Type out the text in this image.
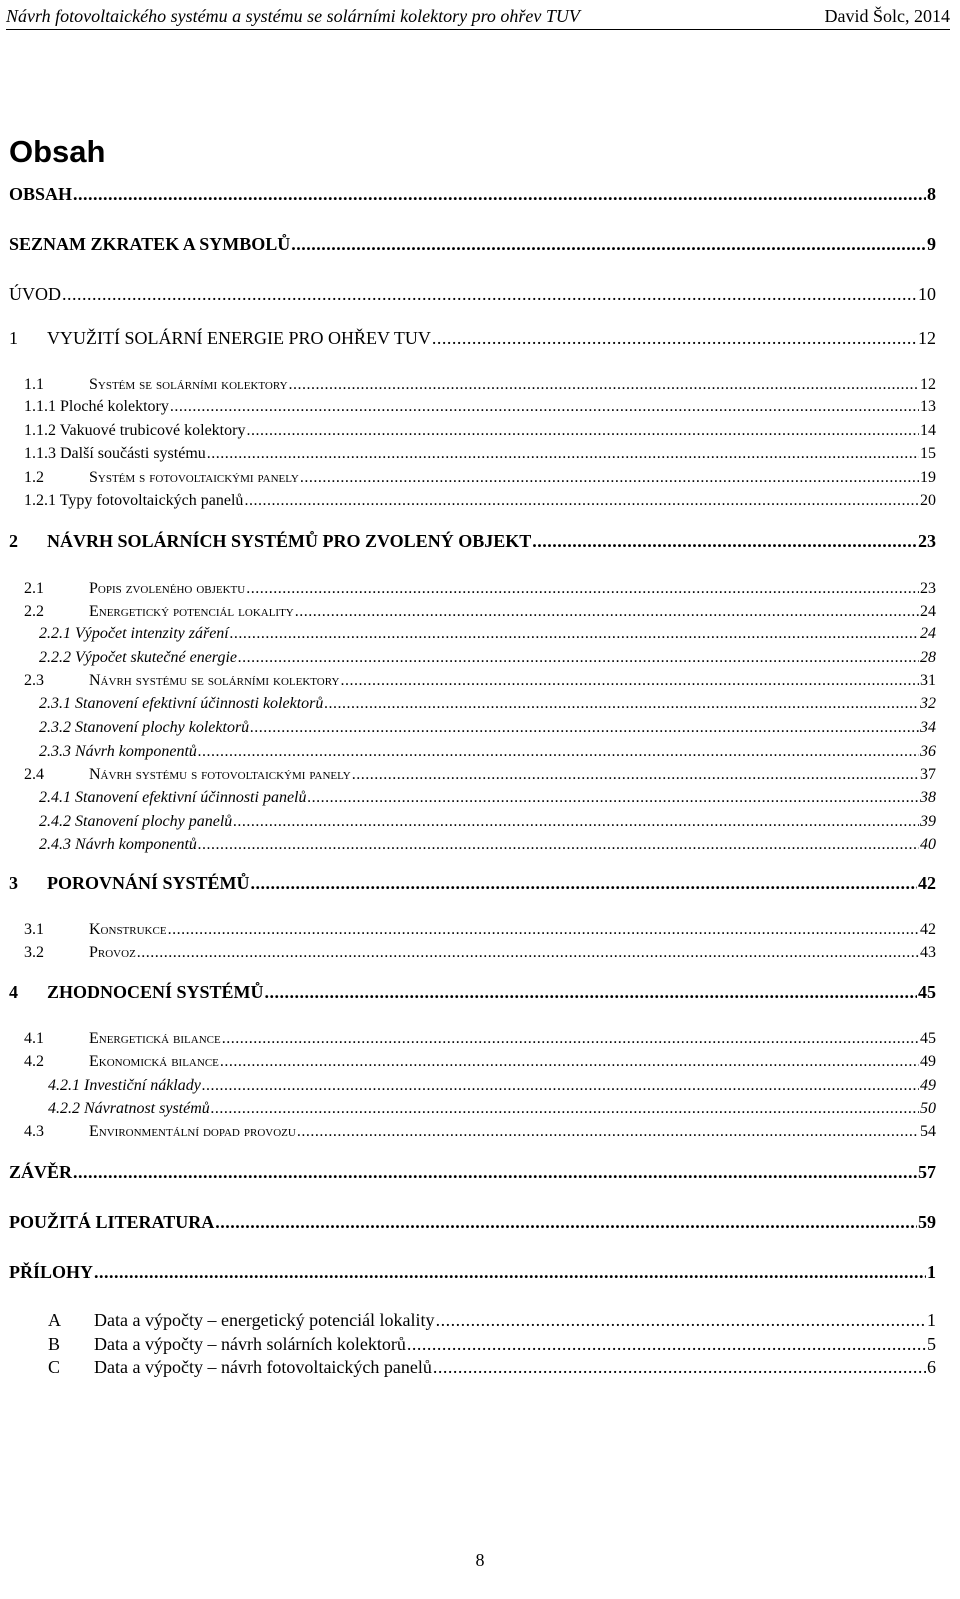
Návrh fotovoltaického systému a systému se solárními kolektory pro ohřev TUV	David Šolc, 2014
Obsah
OBSAH .....	8
SEZNAM ZKRATEK A SYMBOLŮ .....	9
ÚVOD .....	10
1 VYUŽITÍ SOLÁRNÍ ENERGIE PRO OHŘEV TUV .....	12
1.1	Systém se solárními kolektory .....	12
1.1.1 Ploché kolektory .....	13
1.1.2 Vakuové trubicové kolektory .....	14
1.1.3 Další součásti systému .....	15
1.2	Systém s fotovoltaickými panely .....	19
1.2.1 Typy fotovoltaických panelů .....	20
2 NÁVRH SOLÁRNÍCH SYSTÉMŮ PRO ZVOLENÝ OBJEKT .....	23
2.1	Popis zvoleného objektu .....	23
2.2	Energetický potenciál lokality .....	24
2.2.1 Výpočet intenzity záření .....	24
2.2.2 Výpočet skutečné energie .....	28
2.3	Návrh systému se solárními kolektory .....	31
2.3.1 Stanovení efektivní účinnosti kolektorů .....	32
2.3.2 Stanovení plochy kolektorů .....	34
2.3.3 Návrh komponentů .....	36
2.4	Návrh systému s fotovoltaickými panely .....	37
2.4.1 Stanovení efektivní účinnosti panelů .....	38
2.4.2 Stanovení plochy panelů .....	39
2.4.3 Návrh komponentů .....	40
3 POROVNÁNÍ SYSTÉMŮ .....	42
3.1	Konstrukce .....	42
3.2	Provoz .....	43
4 ZHODNOCENÍ SYSTÉMŮ .....	45
4.1	Energetická bilance .....	45
4.2	Ekonomická bilance .....	49
4.2.1 Investiční náklady .....	49
4.2.2 Návratnost systémů .....	50
4.3	Environmentální dopad provozu .....	54
ZÁVĚR .....	57
POUŽITÁ LITERATURA .....	59
PŘÍLOHY .....	1
A Data a výpočty – energetický potenciál lokality .....	1
B Data a výpočty – návrh solárních kolektorů .....	5
C Data a výpočty – návrh fotovoltaických panelů .....	6
8
